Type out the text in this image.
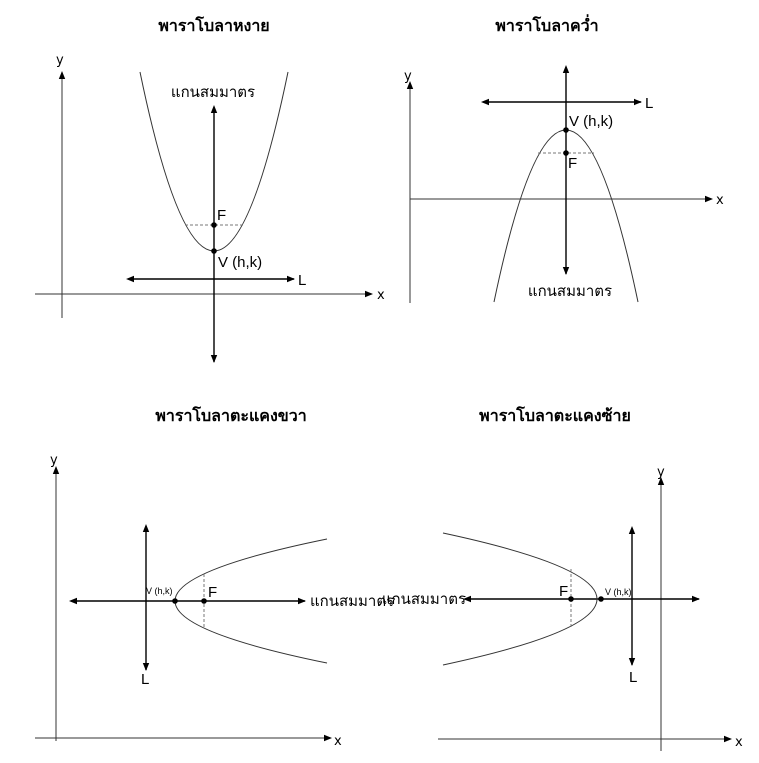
พาราโบลาหงาย
y
x
แกนสมมาตร
F
V (h,k)
L
พาราโบลาคว่ำ
y
x
แกนสมมาตร
L
V (h,k)
F
พาราโบลาตะแคงขวา
y
x
แกนสมมาตร
L
V (h,k) F
พาราโบลาตะแคงซ้าย
y
x
แกนสมมาตร
L
F	V (h,k)
